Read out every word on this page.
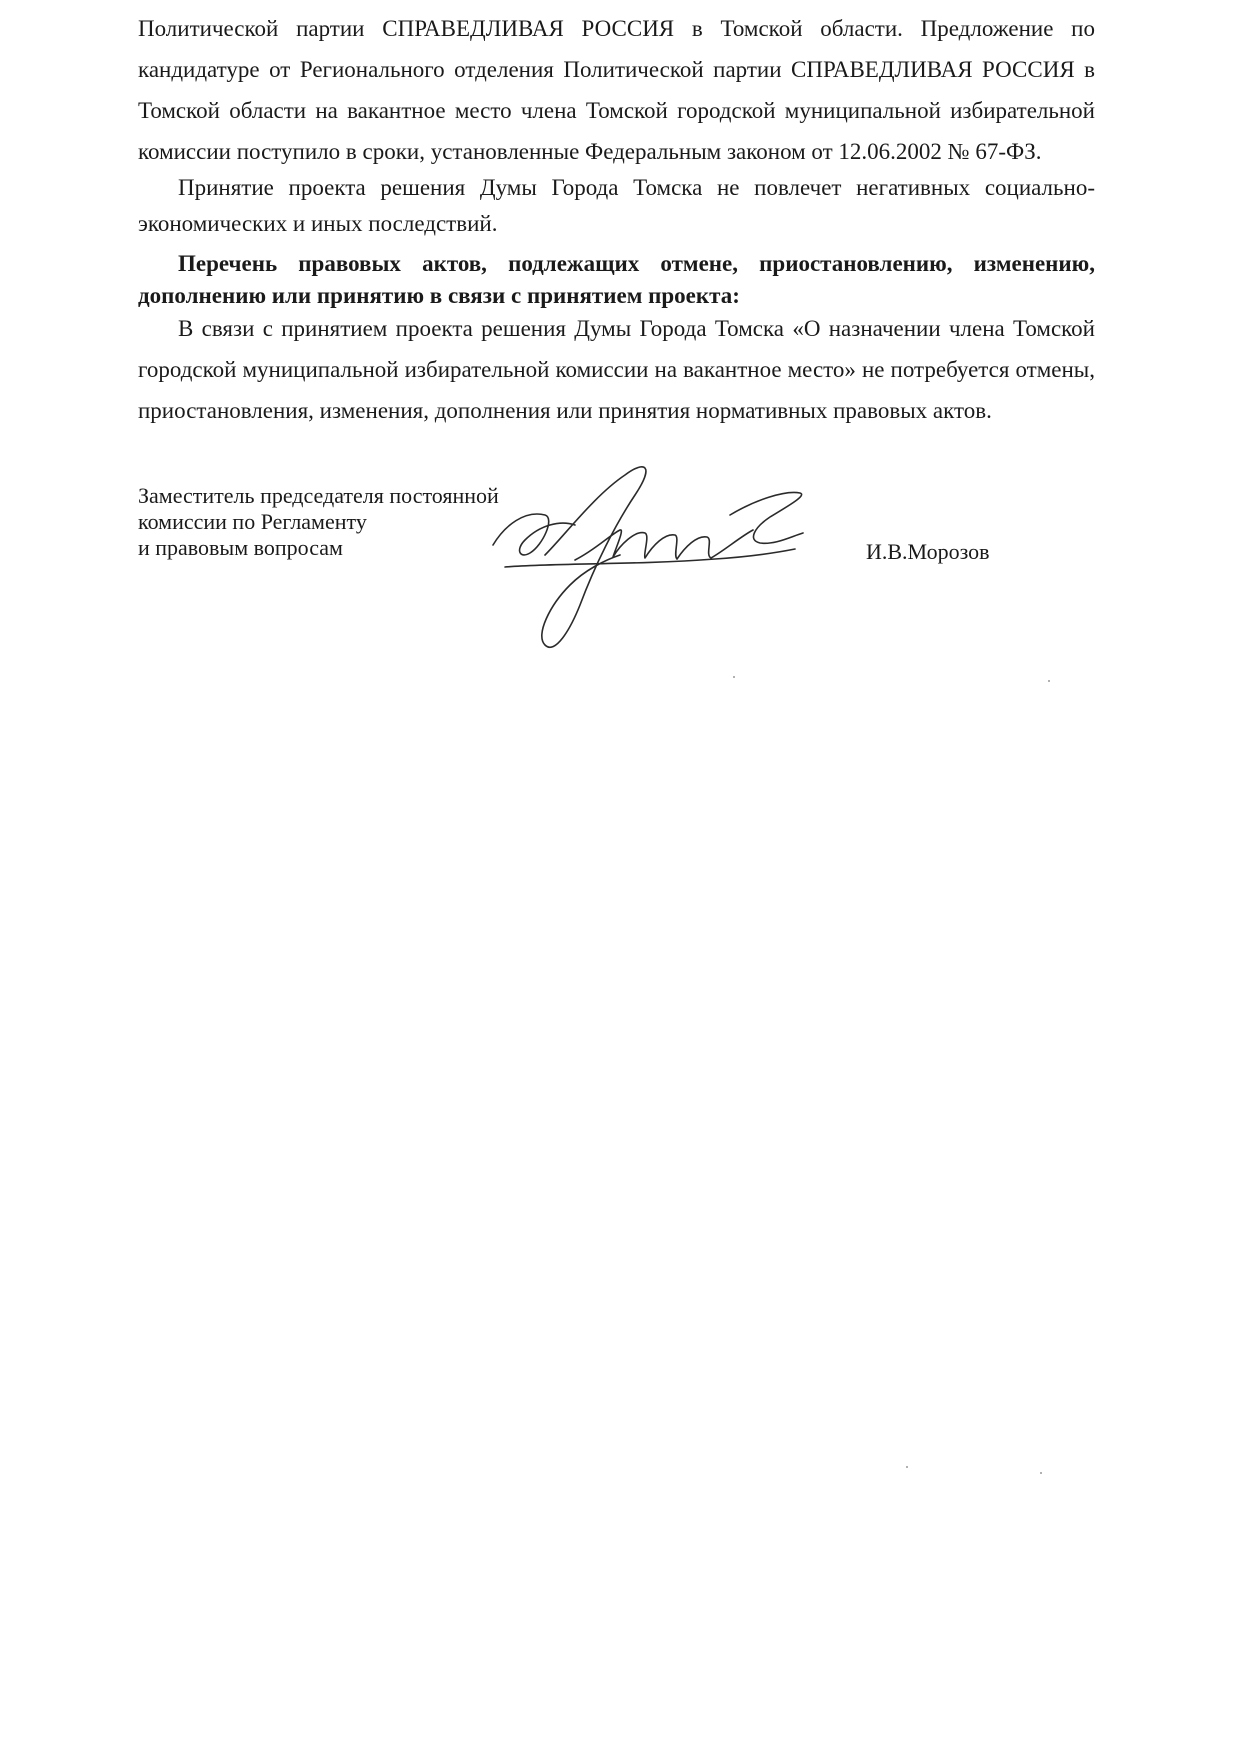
Политической партии СПРАВЕДЛИВАЯ РОССИЯ в Томской области. Предложение по кандидатуре от Регионального отделения Политической партии СПРАВЕДЛИВАЯ РОССИЯ в Томской области на вакантное место члена Томской городской муниципальной избирательной комиссии поступило в сроки, установленные Федеральным законом от 12.06.2002 № 67-ФЗ.

Принятие проекта решения Думы Города Томска не повлечет негативных социально-экономических и иных последствий.

Перечень правовых актов, подлежащих отмене, приостановлению, изменению, дополнению или принятию в связи с принятием проекта:

В связи с принятием проекта решения Думы Города Томска «О назначении члена Томской городской муниципальной избирательной комиссии на вакантное место» не потребуется отмены, приостановления, изменения, дополнения или принятия нормативных правовых актов.

Заместитель председателя постоянной
комиссии по Регламенту
и правовым вопросам	И.В.Морозов
